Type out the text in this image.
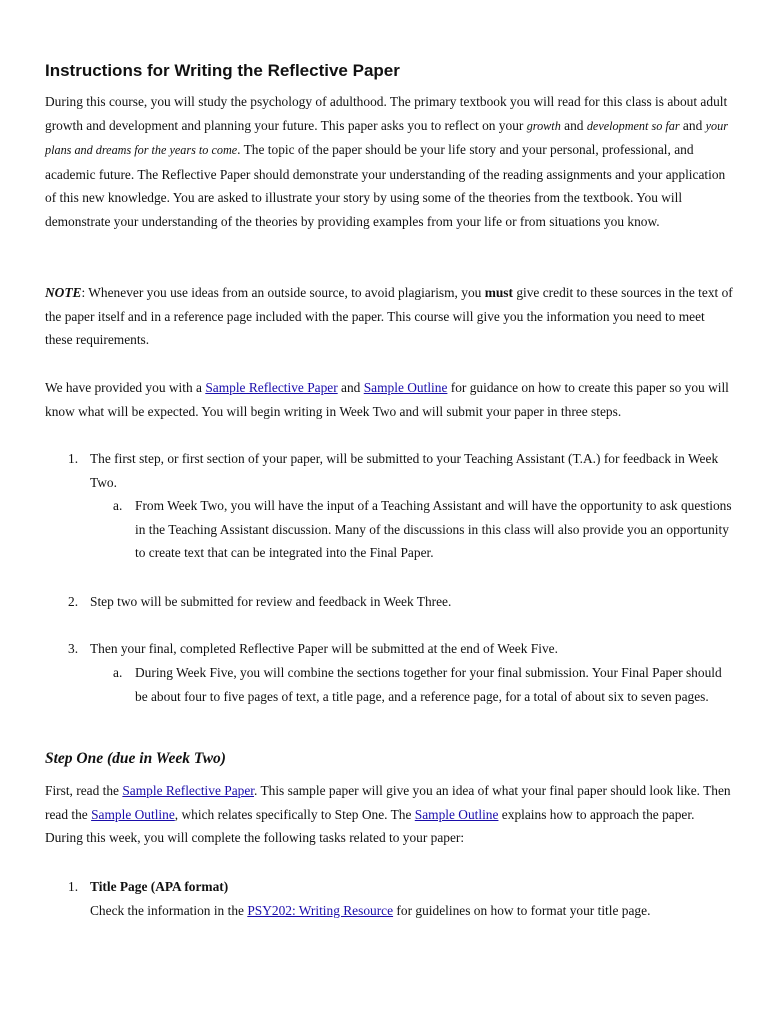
Instructions for Writing the Reflective Paper

During this course, you will study the psychology of adulthood. The primary textbook you will read for this class is about adult growth and development and planning your future. This paper asks you to reflect on your growth and development so far and your plans and dreams for the years to come. The topic of the paper should be your life story and your personal, professional, and academic future. The Reflective Paper should demonstrate your understanding of the reading assignments and your application of this new knowledge. You are asked to illustrate your story by using some of the theories from the textbook. You will demonstrate your understanding of the theories by providing examples from your life or from situations you know.

NOTE: Whenever you use ideas from an outside source, to avoid plagiarism, you must give credit to these sources in the text of the paper itself and in a reference page included with the paper. This course will give you the information you need to meet these requirements.

We have provided you with a Sample Reflective Paper and Sample Outline for guidance on how to create this paper so you will know what will be expected. You will begin writing in Week Two and will submit your paper in three steps.

1. The first step, or first section of your paper, will be submitted to your Teaching Assistant (T.A.) for feedback in Week Two.

a. From Week Two, you will have the input of a Teaching Assistant and will have the opportunity to ask questions in the Teaching Assistant discussion. Many of the discussions in this class will also provide you an opportunity to create text that can be integrated into the Final Paper.

2. Step two will be submitted for review and feedback in Week Three.

3. Then your final, completed Reflective Paper will be submitted at the end of Week Five.

a. During Week Five, you will combine the sections together for your final submission. Your Final Paper should be about four to five pages of text, a title page, and a reference page, for a total of about six to seven pages.

Step One (due in Week Two)

First, read the Sample Reflective Paper. This sample paper will give you an idea of what your final paper should look like. Then read the Sample Outline, which relates specifically to Step One. The Sample Outline explains how to approach the paper. During this week, you will complete the following tasks related to your paper:

1. Title Page (APA format)
Check the information in the PSY202: Writing Resource for guidelines on how to format your title page.
